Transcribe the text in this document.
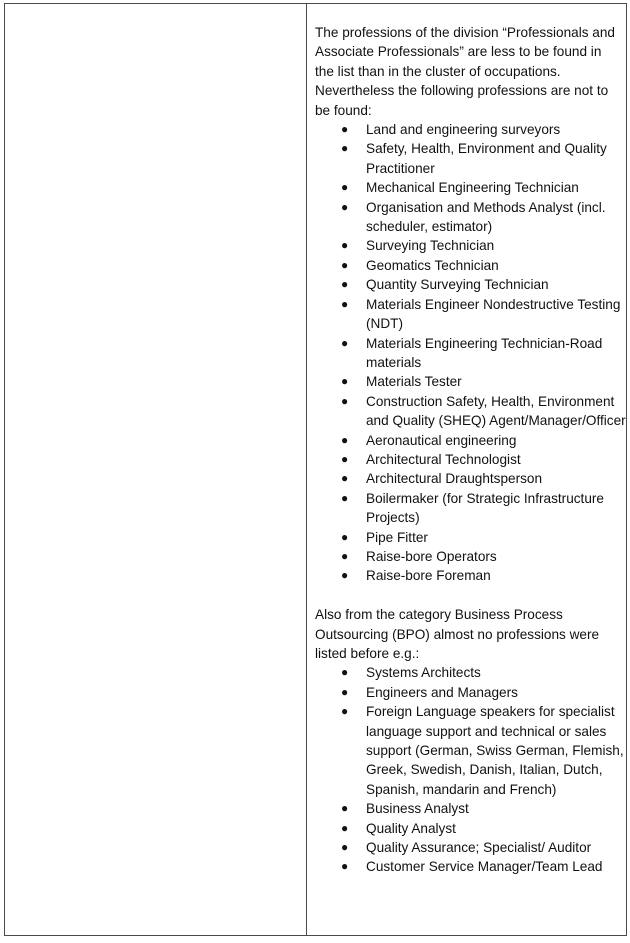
The professions of the division “Professionals and Associate Professionals” are less to be found in the list than in the cluster of occupations. Nevertheless the following professions are not to be found:

● Land and engineering surveyors
● Safety, Health, Environment and Quality Practitioner
● Mechanical Engineering Technician
● Organisation and Methods Analyst (incl. scheduler, estimator)
● Surveying Technician
● Geomatics Technician
● Quantity Surveying Technician
● Materials Engineer Nondestructive Testing (NDT)
● Materials Engineering Technician-Road materials
● Materials Tester
● Construction Safety, Health, Environment and Quality (SHEQ) Agent/Manager/Officer
● Aeronautical engineering
● Architectural Technologist
● Architectural Draughtsperson
● Boilermaker (for Strategic Infrastructure Projects)
● Pipe Fitter
● Raise-bore Operators
● Raise-bore Foreman

Also from the category Business Process Outsourcing (BPO) almost no professions were listed before e.g.:

● Systems Architects
● Engineers and Managers
● Foreign Language speakers for specialist language support and technical or sales support (German, Swiss German, Flemish, Greek, Swedish, Danish, Italian, Dutch, Spanish, mandarin and French)
● Business Analyst
● Quality Analyst
● Quality Assurance; Specialist/ Auditor
● Customer Service Manager/Team Lead
